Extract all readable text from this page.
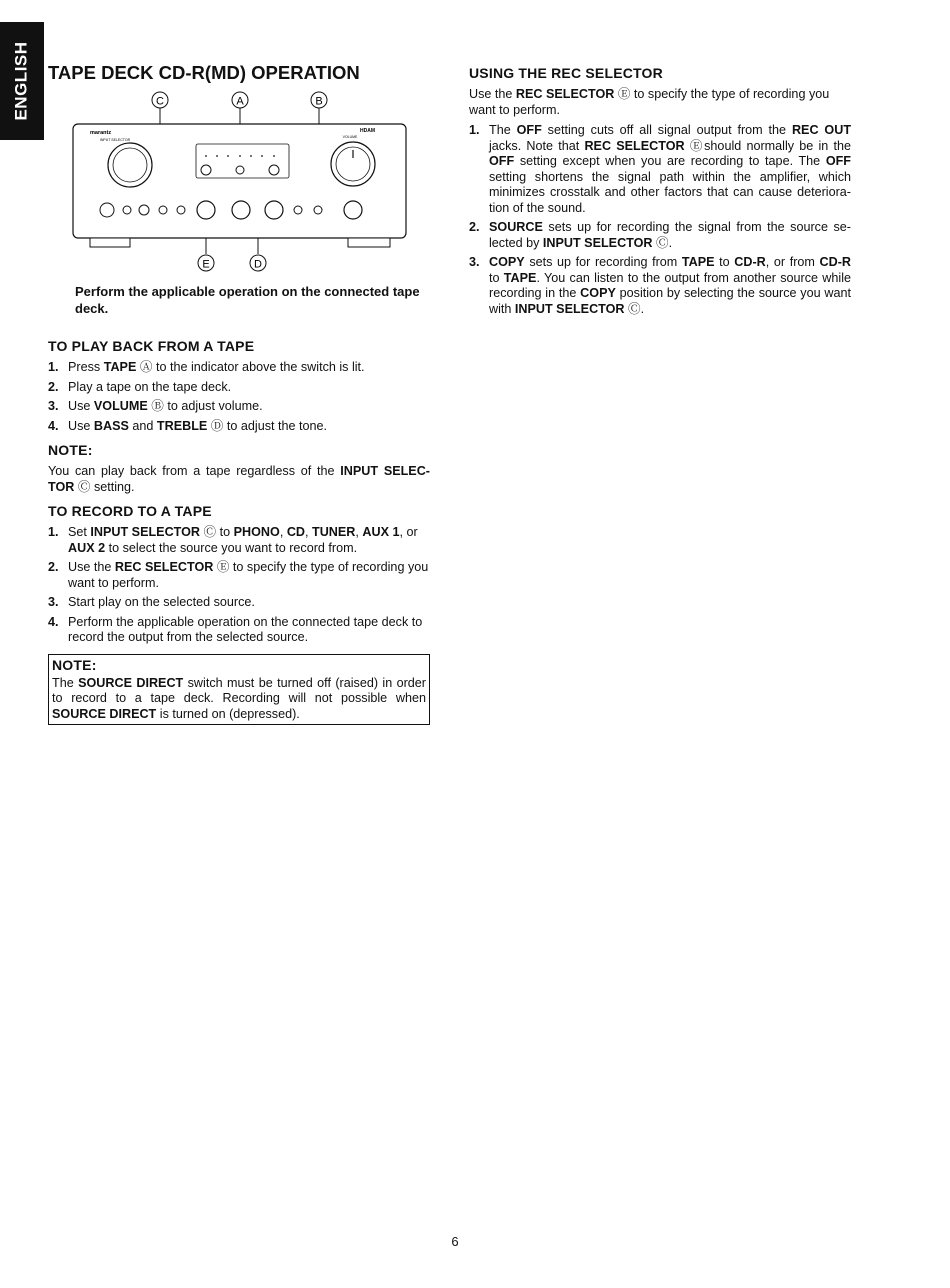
ENGLISH TAPE DECK CD-R(MD) OPERATION
C	A	B
marantz
INPUT SELECTOR
VOLUME
HDAM
E	D

Perform the applicable operation on the connected tape deck.

TO PLAY BACK FROM A TAPE
1. Press TAPE Ⓐ to the indicator above the switch is lit.
2. Play a tape on the tape deck.
3. Use VOLUME Ⓑ to adjust volume.
4. Use BASS and TREBLE Ⓓ to adjust the tone.
NOTE:

You can play back from a tape regardless of the INPUT SELEC-TOR Ⓒ setting.

TO RECORD TO A TAPE
1. Set INPUT SELECTOR Ⓒ to PHONO, CD, TUNER, AUX 1, or AUX 2 to select the source you want to record from.
2. Use the REC SELECTOR Ⓔ to specify the type of recording you want to perform.
3. Start play on the selected source.
4. Perform the applicable operation on the connected tape deck to record the output from the selected source.
NOTE:

The SOURCE DIRECT switch must be turned off (raised) in order to record to a tape deck. Recording will not possible when SOURCE DIRECT is turned on (depressed).

USING THE REC SELECTOR

Use the REC SELECTOR Ⓔ to specify the type of recording you want to perform.

1. The OFF setting cuts off all signal output from the REC OUT jacks. Note that REC SELECTOR Ⓔshould normally be in the OFF setting except when you are recording to tape. The OFF setting shortens the signal path within the amplifier, which minimizes crosstalk and other factors that can cause deteriora-tion of the sound.
2. SOURCE sets up for recording the signal from the source se-lected by INPUT SELECTOR Ⓒ.
3. COPY sets up for recording from TAPE to CD-R, or from CD-R to TAPE. You can listen to the output from another source while recording in the COPY position by selecting the source you want with INPUT SELECTOR Ⓒ.
6
